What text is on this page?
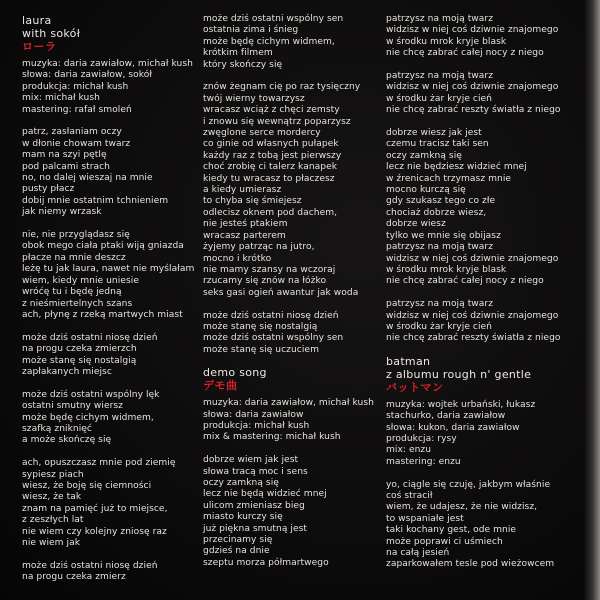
laura
with sokół
ローラ
muzyka: daria zawiałow, michał kush
słowa: daria zawiałow, sokół
produkcja: michał kush
mix: michał kush
mastering: rafał smoleń
patrz, zasłaniam oczy
w dłonie chowam twarz
mam na szyi pętlę
pod palcami strach
no, no dalej wieszaj na mnie
pusty płacz
dobij mnie ostatnim tchnieniem
jak niemy wrzask
nie, nie przyglądasz się
obok mego ciała ptaki wiją gniazda
płacze na mnie deszcz
leżę tu jak laura, nawet nie myślałam
wiem, kiedy mnie uniesie
wróćę tu i będę jedną
z nieśmiertelnych szans
ach, płynę z rzeką martwych miast
może dziś ostatni niosę dzień
na progu czeka zmierzch
może stanę się nostalgią
zapłakanych miejsc
może dziś ostatni wspólny lęk
ostatni smutny wiersz
może będę cichym widmem,
szafką zniknięć
a może skończę się
ach, opuszczasz mnie pod ziemię
sypiesz piach
wiesz, że boję się ciemności
wiesz, że tak
znam na pamięć już to miejsce,
z zeszłych lat
nie wiem czy kolejny zniosę raz
nie wiem jak
może dziś ostatni niosę dzień
na progu czeka zmierz
może dziś ostatni wspólny sen
ostatnia zima i śnieg
może będę cichym widmem,
krótkim filmem
który skończy się
znów żegnam cię po raz tysięczny
twój wierny towarzysz
wracasz wciąż z chęci zemsty
i znowu się wewnątrz poparzysz
zwęglone serce mordercy
co ginie od własnych pułapek
każdy raz z tobą jest pierwszy
choć zrobię ci talerz kanapek
kiedy tu wracasz to płaczesz
a kiedy umierasz
to chyba się śmiejesz
odlecisz oknem pod dachem,
nie jesteś ptakiem
wracasz parterem
żyjemy patrząc na jutro,
mocno i krótko
nie mamy szansy na wczoraj
rzucamy się znów na łóżko
seks gasi ogień awantur jak woda
może dziś ostatni niosę dzień
może stanę się nostalgią
może dziś ostatni wspólny sen
może stanę się uczuciem
demo song
デモ曲
muzyka: daria zawiałow, michał kush
słowa: daria zawiałow
produkcja: michał kush
mix & mastering: michał kush
dobrze wiem jak jest
słowa tracą moc i sens
oczy zamkną się
lecz nie będą widzieć mnej
ulicom zmieniasz bieg
miasto kurczy się
już piękna smutną jest
przecinamy się
gdzieś na dnie
szeptu morza półmartwego
patrzysz na moją twarz
widzisz w niej coś dziwnie znajomego
w środku mrok kryje blask
nie chcę zabrać całej nocy z niego
patrzysz na moją twarz
widzisz w niej coś dziwnie znajomego
w środku żar kryje cień
nie chcę zabrać reszty światła z niego
dobrze wiesz jak jest
czemu tracisz taki sen
oczy zamkną się
lecz nie będziesz widzieć mnej
w źrenicach trzymasz mnie
mocno kurczą się
gdy szukasz tego co złe
chociaż dobrze wiesz,
dobrze wiesz
tylko we mnie się obijasz
patrzysz na moją twarz
widzisz w niej coś dziwnie znajomego
w środku mrok kryje blask
nie chcę zabrać całej nocy z niego
patrzysz na moją twarz
widzisz w niej coś dziwnie znajomego
w środku żar kryje cień
nie chcę zabrać reszty światła z niego
batman
z albumu rough n' gentle
バットマン
muzyka: wojtek urbański, łukasz
stachurko, daria zawiałow
słowa: kukon, daria zawiałow
produkcja: rysy
mix: enzu
mastering: enzu
yo, ciągle się czuję, jakbym właśnie
coś stracił
wiem, że udajesz, że nie widzisz,
to wspaniałe jest
taki kochany gest, ode mnie
może poprawi ci uśmiech
na całą jesień
zaparkowałem tesle pod wieżowcem
